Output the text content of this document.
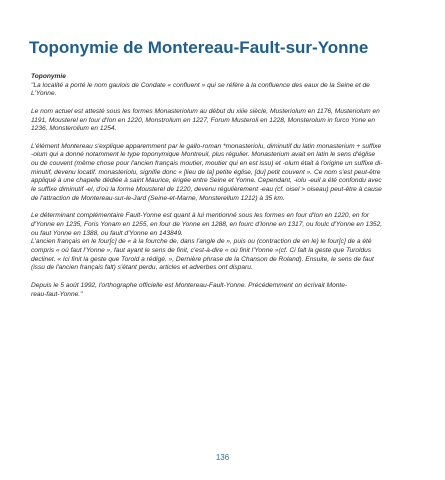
Toponymie de Montereau-Fault-sur-Yonne

Toponymie
"La localité a porté le nom gaulois de Condate « confluent » qui se réfère à la confluence des eaux de la Seine et de
L'Yonne.

Le nom actuel est attesté sous les formes Monasteriolum au début du xiiie siècle, Musteriolum en 1176, Musteriolum en
1191, Mousterel en four d'Ion en 1220, Monstrolium en 1227, Forum Musteroli en 1228, Monsterolum in furco Yone en
1236, Monsterolium en 1254.

L'élément Montereau s'explique apparemment par le gallo-roman *monasteriolu, diminutif du latin monasterium + suffixe
-olum qui a donné notamment le type toponymique Montreuil, plus régulier. Monasterium avait en latin le sens d'église
ou de couvent (même chose pour l'ancien français moutier, moutier qui en est issu) et -olum était à l'origine un suffixe di-
minutif, devenu locatif. monasteriolu, signifie donc « [lieu de la] petite église, [du] petit couvent ». Ce nom s'est peut-être
appliqué à une chapelle dédiée à saint Maurice, érigée entre Seine et Yonne. Cependant, -iolu -euil a été confondu avec
le suffixe diminutif -el, d'où la forme Mousterel de 1220, devenu régulièrement -eau (cf. oisel > oiseau) peut-être à cause
de l'attraction de Montereau-sur-le-Jard (Seine-et-Marne, Monsterellum 1212) à 35 km.

Le déterminant complémentaire Fault-Yonne est quant à lui mentionné sous les formes en four d'Ion en 1220, en for
d'Yonne en 1235, Foris Yonam en 1255, en four de Yonne en 1288, en fourc d'Ionne en 1317, ou foulc d'Yonne en 1352,
ou faut Yonne en 1388, ou fault d'Yonne en 143849.
L'ancien français en le four[c] de « à la fourche de, dans l'angle de », puis ou (contraction de en le) le four[c] de a été
compris « où faut l'Yonne », faut ayant le sens de finit, c'est-à-dire « où finit l'Yonne »(cf. Ci falt la geste que Turoldus
declinet. « Ici finit la geste que Torold a rédigé. », Dernière phrase de la Chanson de Roland). Ensuite, le sens de faut
(issu de l'ancien français falt) s'étant perdu, articles et adverbes ont disparu.

Depuis le 5 août 1992, l'orthographe officielle est Montereau-Fault-Yonne. Précédemment on écrivait Monte-
reau-faut-Yonne."

136
